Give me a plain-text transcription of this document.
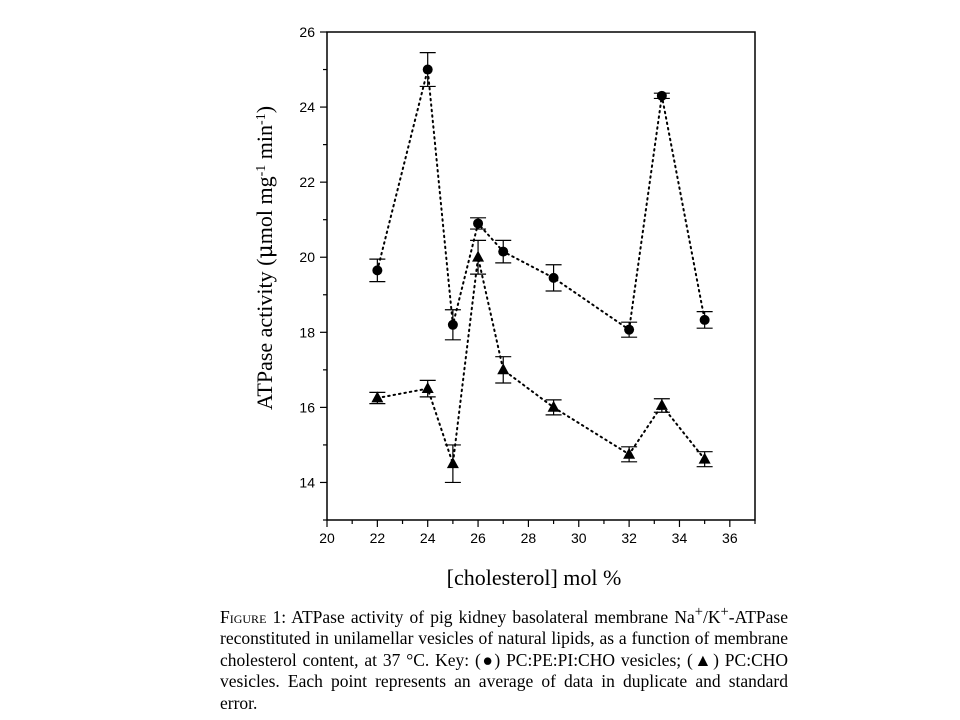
20 22 24 26 28 30 32 34 36
14
16
18
20
22
24
26
[cholesterol] mol %
ATPase activity (μmol $mg^{-1}$ $\min^{-1}$)

Figure 1: ATPase activity of pig kidney basolateral membrane Na+/K+-ATPase reconstituted in unilamellar vesicles of natural lipids, as a function of membrane cholesterol content, at 37 °C. Key: (●) PC:PE:PI:CHO vesicles; (▲) PC:CHO vesicles. Each point represents an average of data in duplicate and standard error.
